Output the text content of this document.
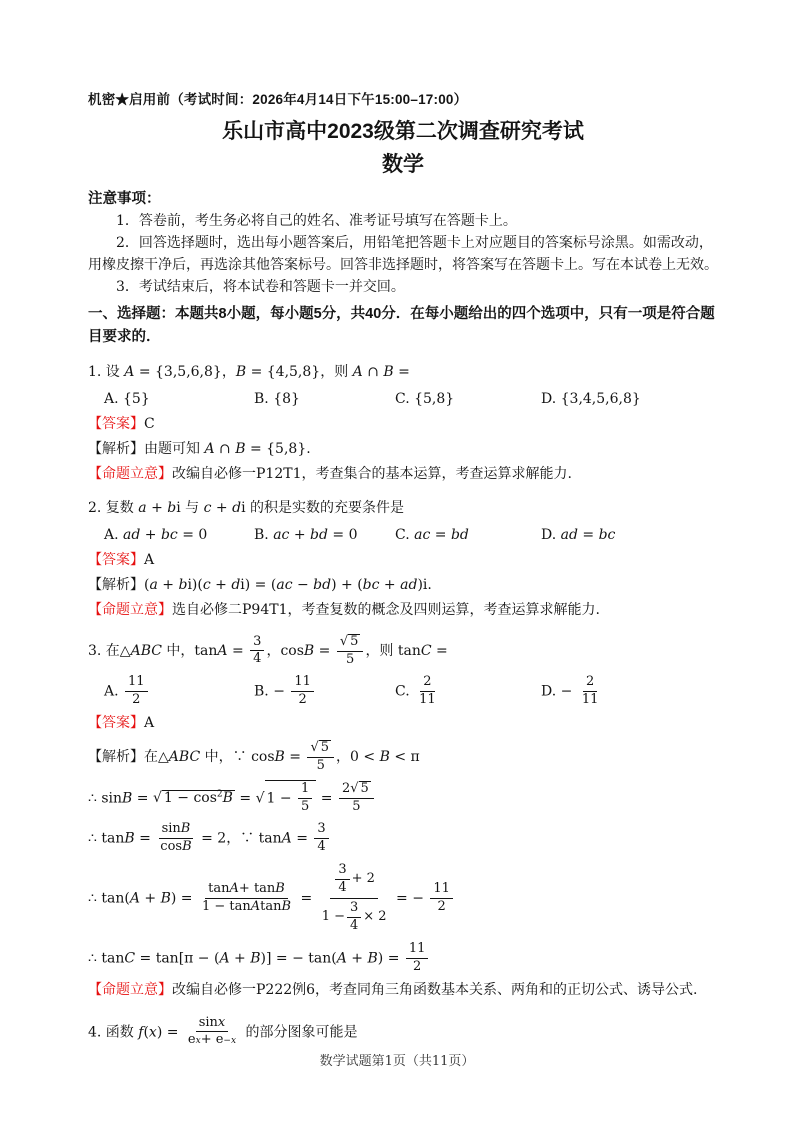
机密★启用前（考试时间：2026年4月14日下午15:00–17:00）
乐山市高中2023级第二次调查研究考试
数学
注意事项：

1．答卷前，考生务必将自己的姓名、准考证号填写在答题卡上。

2．回答选择题时，选出每小题答案后，用铅笔把答题卡上对应题目的答案标号涂黑。如需改动，用橡皮擦干净后，再选涂其他答案标号。回答非选择题时，将答案写在答题卡上。写在本试卷上无效。

3．考试结束后，将本试卷和答题卡一并交回。

一、选择题：本题共8小题，每小题5分，共40分．在每小题给出的四个选项中，只有一项是符合题目要求的．
1. 设 A = {3,5,6,8}，B = {4,5,8}，则 A ∩ B =
A. {5}	B. {8}	C. {5,8}	D. {3,4,5,6,8}
【答案】C
【解析】由题可知 A ∩ B = {5,8}.
【命题立意】改编自必修一P12T1，考查集合的基本运算，考查运算求解能力.
2. 复数 a + bi 与 c + di 的积是实数的充要条件是
A. ad + bc = 0	B. ac + bd = 0	C. ac = bd	D. ad = bc
【答案】A
【解析】(a + bi)(c + di) = (ac − bd) + (bc + ad)i.
【命题立意】选自必修二P94T1，考查复数的概念及四则运算，考查运算求解能力.
3. 在△ABC 中，$\tan A = \frac{3}{4}$ ，$\cos B = \frac{√ 5}{5}$ ，则 tanC =
A. $\frac{11}{2}$	B. − $\frac{11}{2}$	C. $\frac{2}{11}$	D. − $\frac{2}{11}$
【答案】A
【解析】在△ABC 中，∵ $\cos B = \frac{√ 5}{5}$ ，0 < B < π
∴ sinB = √ $1 - \cos^2B$ = √ $1 - \frac{1}{5} = \frac{2 √ 5}{5}$
∴ $\tan B = \frac{\text{sin B}}{\text{cos B}} = 2$，∵ $\tan A = \frac{3}{4}$
∴ $\tan(A + B) = \frac{\text{tan A + tan B}}{\text{1 − tan A tan B}} = \frac{\frac{3}{4} + 2}{1 - \frac{3}{4} \times 2}$ = − $\frac{11}{2}$
∴ tanC = tan[π − (A + B)] = − $\tan(A + B) = \frac{11}{2}$
【命题立意】改编自必修一P222例6，考查同角三角函数基本关系、两角和的正切公式、诱导公式.
4. 函数 $f(x) = \frac{\text{sin x}}{\text{e x + e −x}}$ 的部分图象可能是
数学试题第1页（共11页）
